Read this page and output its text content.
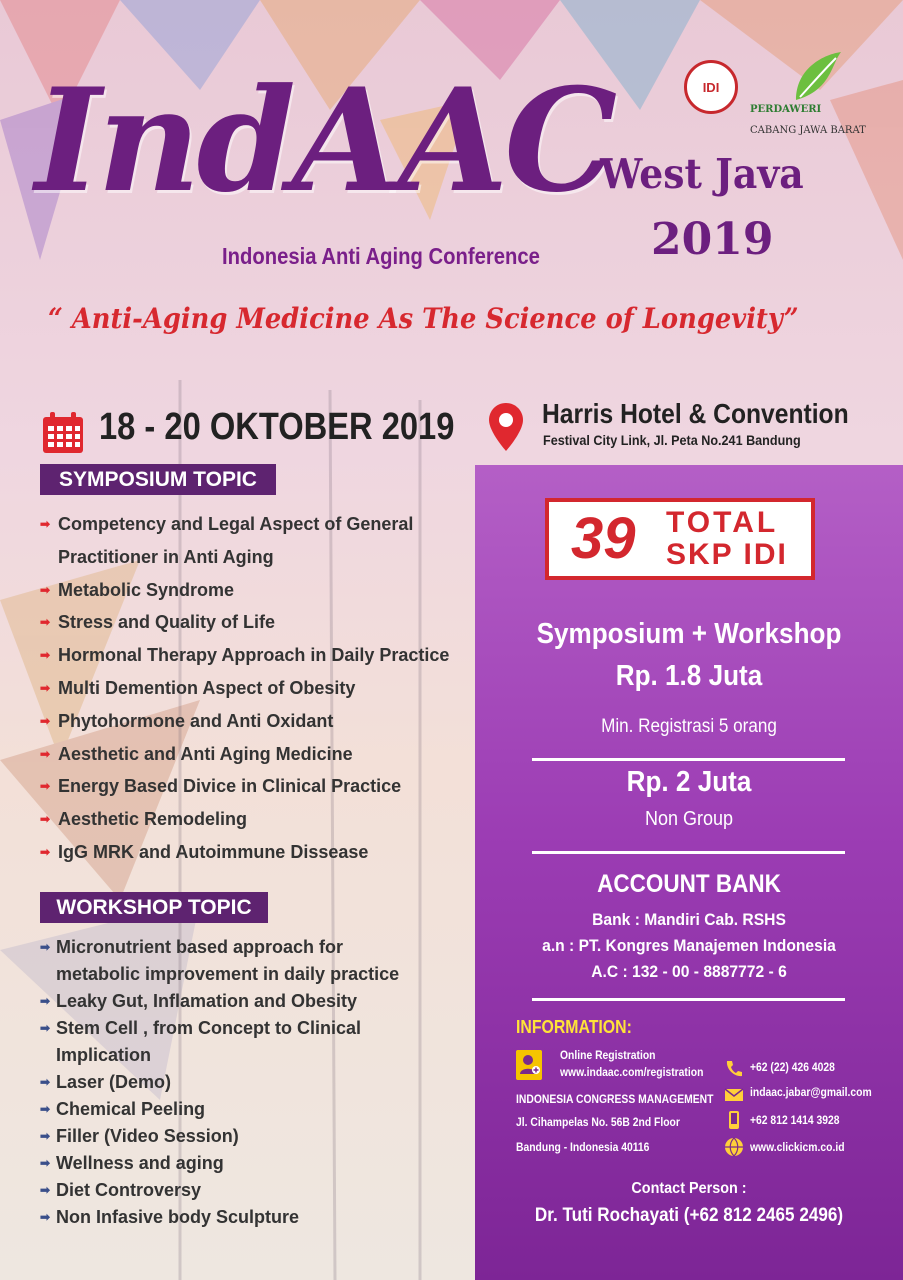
IndAAC
Indonesia Anti Aging Conference
West Java
2019
“ Anti-Aging Medicine As The Science of Longevity”
IDI
PERDAWERI
CABANG JAWA BARAT
18 - 20 OKTOBER 2019	Harris Hotel & Convention
Festival City Link, Jl. Peta No.241 Bandung
SYMPOSIUM TOPIC
➡ Competency and Legal Aspect of General
Practitioner in Anti Aging
➡ Metabolic Syndrome
➡ Stress and Quality of Life
➡ Hormonal Therapy Approach in Daily Practice
➡ Multi Demention Aspect of Obesity
➡ Phytohormone and Anti Oxidant
➡ Aesthetic and Anti Aging Medicine
➡ Energy Based Divice in Clinical Practice
➡ Aesthetic Remodeling
➡ IgG MRK and Autoimmune Dissease
WORKSHOP TOPIC
➡ Micronutrient based approach for
metabolic improvement in daily practice
➡ Leaky Gut, Inflamation and Obesity
➡ Stem Cell , from Concept to Clinical
Implication
➡ Laser (Demo)
➡ Chemical Peeling
➡ Filler (Video Session)
➡ Wellness and aging
➡ Diet Controversy
➡ Non Infasive body Sculpture
39 TOTAL
SKP IDI
Symposium + Workshop
Rp. 1.8 Juta
Min. Registrasi 5 orang
Rp. 2 Juta
Non Group
ACCOUNT BANK
Bank : Mandiri Cab. RSHS
a.n : PT. Kongres Manajemen Indonesia
A.C : 132 - 00 - 8887772 - 6
INFORMATION:
Online Registration
www.indaac.com/registration
INDONESIA CONGRESS MANAGEMENT
Jl. Cihampelas No. 56B 2nd Floor
Bandung - Indonesia 40116
+62 (22) 426 4028
indaac.jabar@gmail.com
+62 812 1414 3928
www.clickicm.co.id
Contact Person :
Dr. Tuti Rochayati (+62 812 2465 2496)
